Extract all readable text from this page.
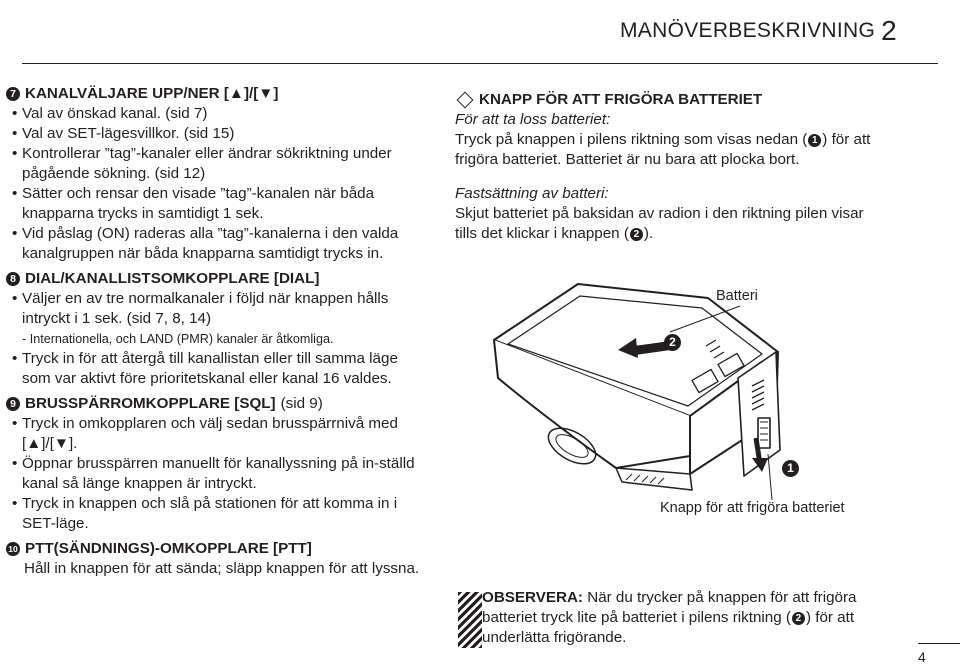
MANÖVERBESKRIVNING 2
7 KANALVÄLJARE UPP/NER [▲]/[▼]
• Val av önskad kanal. (sid 7)
• Val av SET-lägesvillkor. (sid 15)
• Kontrollerar ”tag”-kanaler eller ändrar sökriktning under pågående sökning. (sid 12)
• Sätter och rensar den visade ”tag”-kanalen när båda knapparna trycks in samtidigt 1 sek.
• Vid påslag (ON) raderas alla ”tag”-kanalerna i den valda kanalgruppen när båda knapparna samtidigt trycks in.
8 DIAL/KANALLISTSOMKOPPLARE [DIAL]
• Väljer en av tre normalkanaler i följd när knappen hålls intryckt i 1 sek. (sid 7, 8, 14)
- Internationella, och LAND (PMR) kanaler är åtkomliga.
• Tryck in för att återgå till kanallistan eller till samma läge som var aktivt före prioritetskanal eller kanal 16 valdes.
9 BRUSSPÄRROMKOPPLARE [SQL] (sid 9)
• Tryck in omkopplaren och välj sedan brusspärrnivå med [▲]/[▼].
• Öppnar brusspärren manuellt för kanallyssning på in-ställd kanal så länge knappen är intryckt.
• Tryck in knappen och slå på stationen för att komma in i SET-läge.
10 PTT(SÄNDNINGS)-OMKOPPLARE [PTT]
Håll in knappen för att sända; släpp knappen för att lyssna.
KNAPP FÖR ATT FRIGÖRA BATTERIET
För att ta loss batteriet:
Tryck på knappen i pilens riktning som visas nedan ( 1 ) för att frigöra batteriet. Batteriet är nu bara att plocka bort.
Fastsättning av batteri:
Skjut batteriet på baksidan av radion i den riktning pilen visar tills det klickar i knappen ( 2 ).
Batteri
Knapp för att frigöra batteriet
2
1
OBSERVERA: När du trycker på knappen för att frigöra batteriet tryck lite på batteriet i pilens riktning ( 2 ) för att underlätta frigörande.
4
